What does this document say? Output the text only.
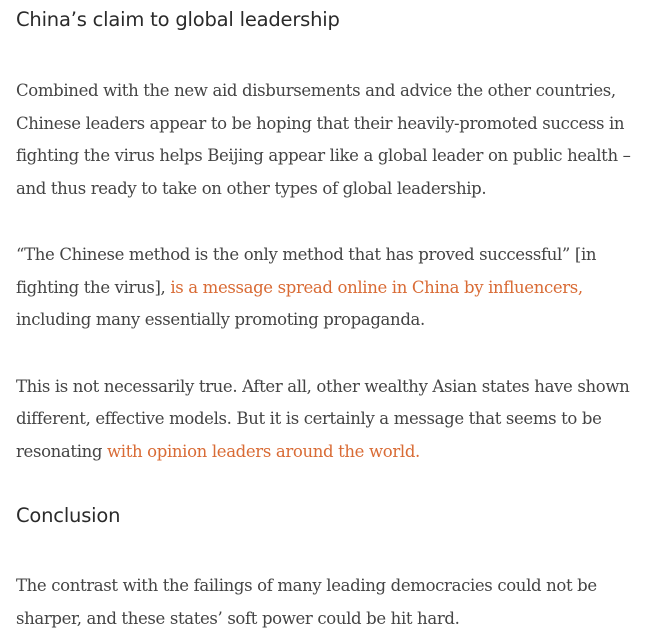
China’s claim to global leadership

Combined with the new aid disbursements and advice the other countries, Chinese leaders appear to be hoping that their heavily-promoted success in fighting the virus helps Beijing appear like a global leader on public health – and thus ready to take on other types of global leadership.

“The Chinese method is the only method that has proved successful” [in fighting the virus], is a message spread online in China by influencers, including many essentially promoting propaganda.

This is not necessarily true. After all, other wealthy Asian states have shown different, effective models. But it is certainly a message that seems to be resonating with opinion leaders around the world.

Conclusion

The contrast with the failings of many leading democracies could not be sharper, and these states’ soft power could be hit hard.
